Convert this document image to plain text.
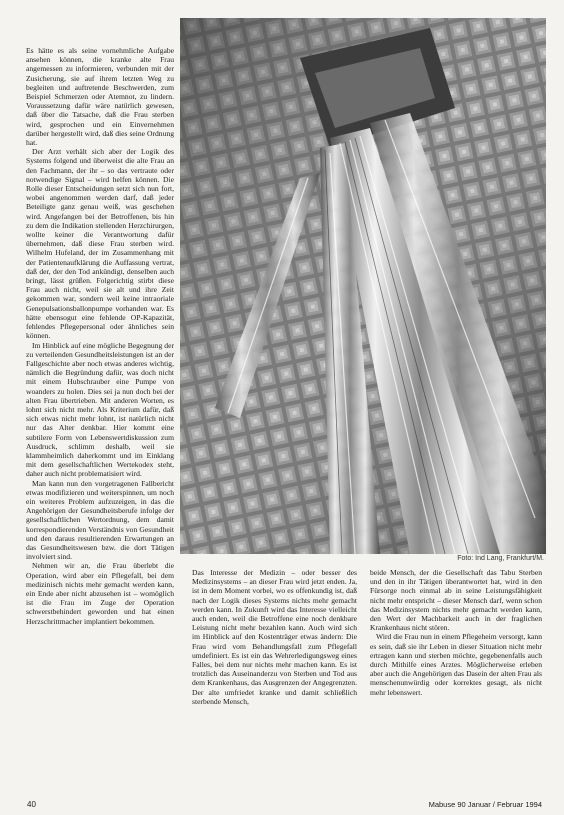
Es hätte es als seine vornehmliche Aufgabe ansehen können, die kranke alte Frau angemessen zu informieren, verbunden mit der Zusicherung, sie auf ihrem letzten Weg zu begleiten und auftretende Beschwerden, zum Beispiel Schmerzen oder Atemnot, zu lindern. Voraussetzung dafür wäre natürlich gewesen, daß über die Tatsache, daß die Frau sterben wird, gesprochen und ein Einvernehmen darüber hergestellt wird, daß dies seine Ordnung hat.

Der Arzt verhält sich aber der Logik des Systems folgend und überweist die alte Frau an den Fachmann, der ihr – so das vertraute oder notwendige Signal – wird helfen können. Die Rolle dieser Entscheidungen setzt sich nun fort, wobei angenommen werden darf, daß jeder Beteiligte ganz genau weiß, was geschehen wird. Angefangen bei der Betroffenen, bis hin zu dem die Indikation stellenden Herzchirurgen, wollte keiner die Verantwortung dafür übernehmen, daß diese Frau sterben wird. Wilhelm Hufeland, der im Zusammenhang mit der Patientenaufklärung die Auffassung vertrat, daß der, der den Tod ankündigt, denselben auch bringt, lässt grüßen. Folgerichtig stirbt diese Frau auch nicht, weil sie alt und ihre Zeit gekommen war, sondern weil keine intraoriale Genepulsationsballonpumpe vorhanden war. Es hätte ebensogut eine fehlende OP-Kapazität, fehlendes Pflegepersonal oder ähnliches sein können.

Im Hinblick auf eine mögliche Begegnung der zu verteilenden Gesundheitsleistungen ist an der Fallgeschichte aber noch etwas anderes wichtig, nämlich die Begründung dafür, was doch nicht mit einem Hubschrauber eine Pumpe von woanders zu holen. Dies sei ja nun doch bei der alten Frau übertrieben. Mit anderen Worten, es lohnt sich nicht mehr. Als Kriterium dafür, daß sich etwas nicht mehr lohnt, ist natürlich nicht nur das Alter denkbar. Hier kommt eine subtilere Form von Lebenswertdiskussion zum Ausdruck, schlimm deshalb, weil sie klammheimlich daherkommt und im Einklang mit dem gesellschaftlichen Wertekodex steht, daher auch nicht problematisiert wird.

Man kann nun den vorgetragenen Fallbericht etwas modifizieren und weiterspinnen, um noch ein weiteres Problem aufzuzeigen, in das die Angehörigen der Gesundheitsberufe infolge der gesellschaftlichen Wertordnung, dem damit korrespondierenden Verständnis von Gesundheit und den daraus resultierenden Erwartungen an das Gesundheitswesen bzw. die dort Tätigen involviert sind.

Nehmen wir an, die Frau überlebt die Operation, wird aber ein Pflegefall, bei dem medizinisch nichts mehr gemacht werden kann, ein Ende aber nicht abzusehen ist – womöglich ist die Frau im Zuge der Operation schwerstbehindert geworden und hat einen Herzschrittmacher implantiert bekommen.

Foto: Ind Lang, Frankfurt/M.

Das Interesse der Medizin – oder besser des Medizinsystems – an dieser Frau wird jetzt enden. Ja, ist in dem Moment vorbei, wo es offenkundig ist, daß nach der Logik dieses Systems nichts mehr gemacht werden kann. In Zukunft wird das Interesse vielleicht auch enden, weil die Betroffene eine noch denkbare Leistung nicht mehr bezahlen kann. Auch wird sich im Hinblick auf den Kostenträger etwas ändern: Die Frau wird vom Behandlungsfall zum Pflegefall umdefiniert. Es ist ein das Wehrerledigungsweg eines Falles, bei dem nur nichts mehr machen kann. Es ist trotzlich das Auseinanderzu von Sterben und Tod aus dem Krankenhaus, das Ausgrenzen der Angegrenzten. Der alte umfriedet kranke und damit schließlich sterbende Mensch,

beide Mensch, der die Gesellschaft das Tabu Sterben und den in ihr Tätigen überantwortet hat, wird in den Fürsorge noch einmal ab in seine Leistungsfähigkeit nicht mehr entspricht – dieser Mensch darf, wenn schon das Medizinsystem nichts mehr gemacht werden kann, den Wert der Machbarkeit auch in der fraglichen Krankenhaus nicht stören.

Wird die Frau nun in einem Pflegeheim versorgt, kann es sein, daß sie ihr Leben in dieser Situation nicht mehr ertragen kann und sterben möchte, gegebenenfalls auch durch Mithilfe eines Arztes. Möglicherweise erleben aber auch die Angehörigen das Dasein der alten Frau als menschenunwürdig oder korrektes gesagt, als nicht mehr lebenswert.

40	Mabuse 90 Januar / Februar 1994
